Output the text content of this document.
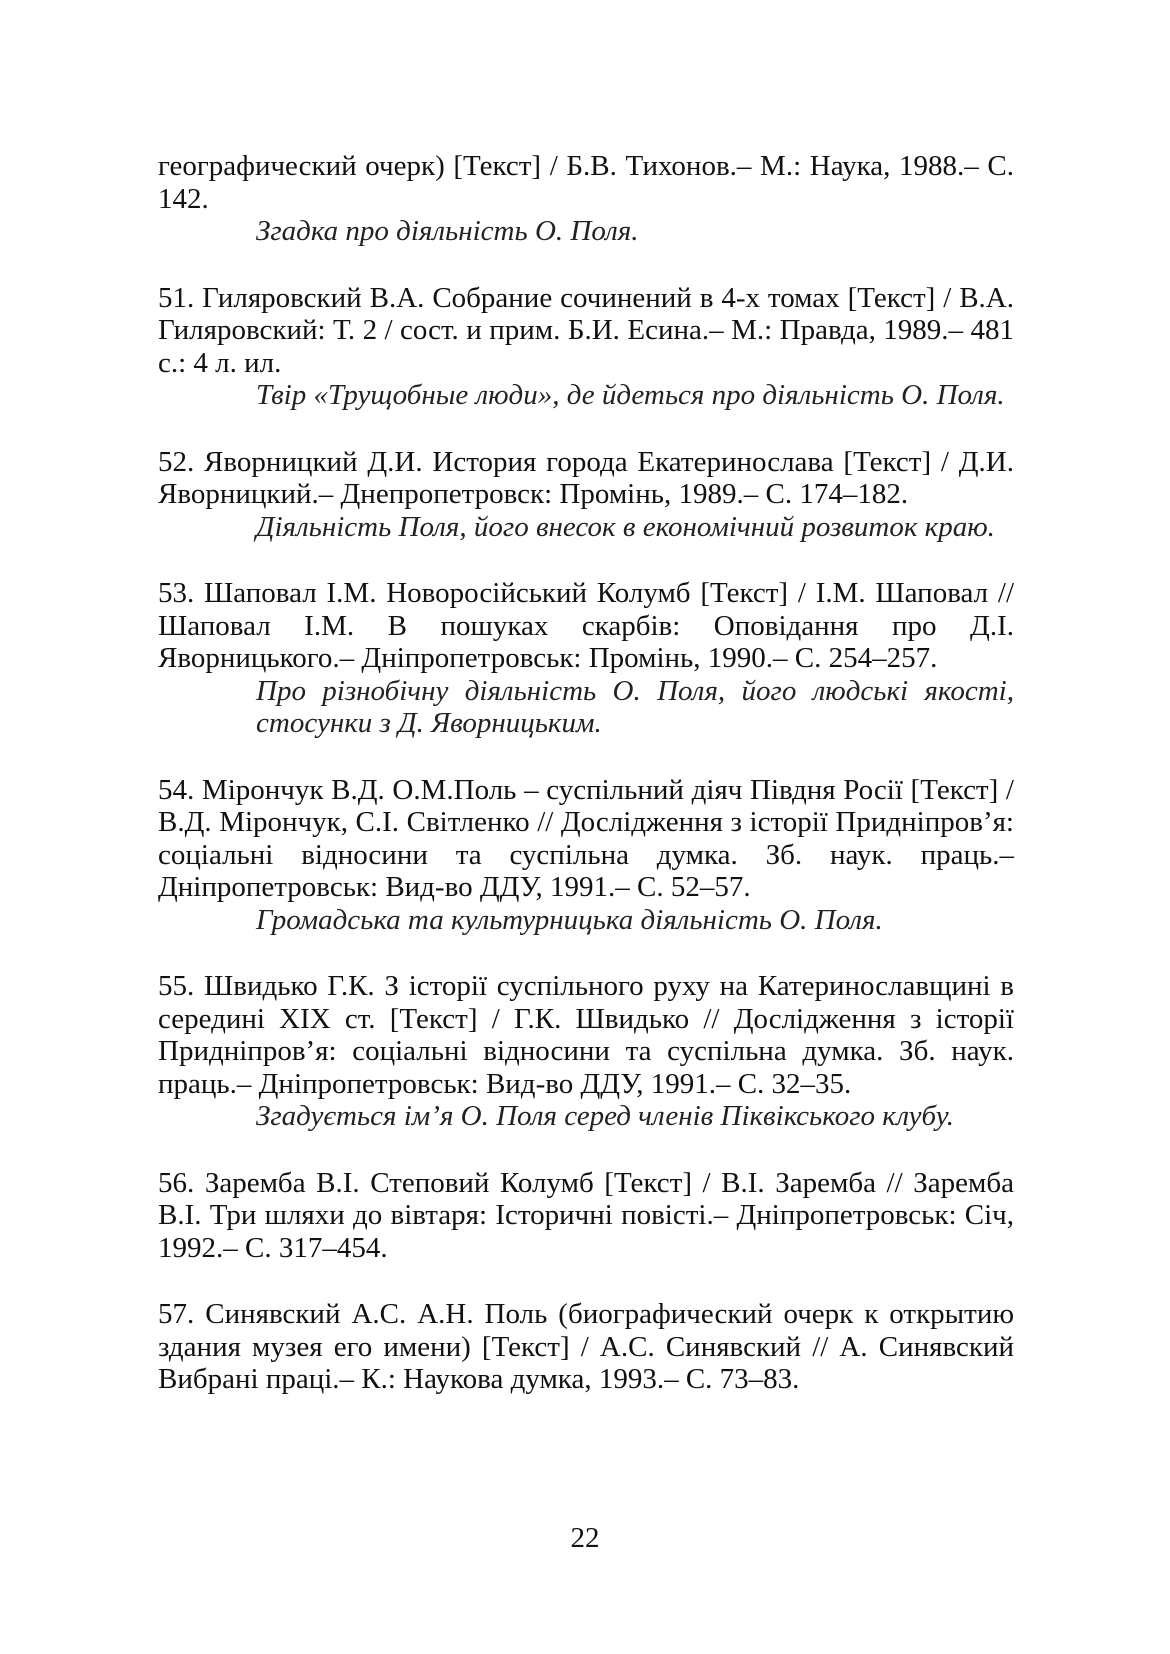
географический очерк) [Текст] / Б.В. Тихонов.– М.: Наука, 1988.– С. 142.
Згадка про діяльність О. Поля.
51. Гиляровский В.А. Собрание сочинений в 4-х томах [Текст] / В.А. Гиляровский: Т. 2 / сост. и прим. Б.И. Есина.– М.: Правда, 1989.– 481 с.: 4 л. ил.
Твір «Трущобные люди», де йдеться про діяльність О. Поля.
52. Яворницкий Д.И. История города Екатеринослава [Текст] / Д.И. Яворницкий.– Днепропетровск: Промінь, 1989.– С. 174–182.
Діяльність Поля, його внесок в економічний розвиток краю.
53. Шаповал І.М. Новоросійський Колумб [Текст] / І.М. Шаповал // Шаповал І.М. В пошуках скарбів: Оповідання про Д.І. Яворницького.– Дніпропетровськ: Промінь, 1990.– С. 254–257.
Про різнобічну діяльність О. Поля, його людські якості, стосунки з Д. Яворницьким.
54. Мірончук В.Д. О.М.Поль – суспільний діяч Півдня Росії [Текст] / В.Д. Мірончук, С.І. Світленко // Дослідження з історії Придніпров’я: соціальні відносини та суспільна думка. Зб. наук. праць.– Дніпропетровськ: Вид-во ДДУ, 1991.– С. 52–57.
Громадська та культурницька діяльність О. Поля.
55. Швидько Г.К. З історії суспільного руху на Катеринославщині в середині XIX ст. [Текст] / Г.К. Швидько // Дослідження з історії Придніпров’я: соціальні відносини та суспільна думка. Зб. наук. праць.– Дніпропетровськ: Вид-во ДДУ, 1991.– С. 32–35.
Згадується ім’я О. Поля серед членів Піквікського клубу.
56. Заремба В.І. Степовий Колумб [Текст] / В.І. Заремба // Заремба В.І. Три шляхи до вівтаря: Історичні повісті.– Дніпропетровськ: Січ, 1992.– С. 317–454.
57. Синявский А.С. А.Н. Поль (биографический очерк к открытию здания музея его имени) [Текст] / А.С. Синявский // А. Синявский Вибрані праці.– К.: Наукова думка, 1993.– С. 73–83.
22
